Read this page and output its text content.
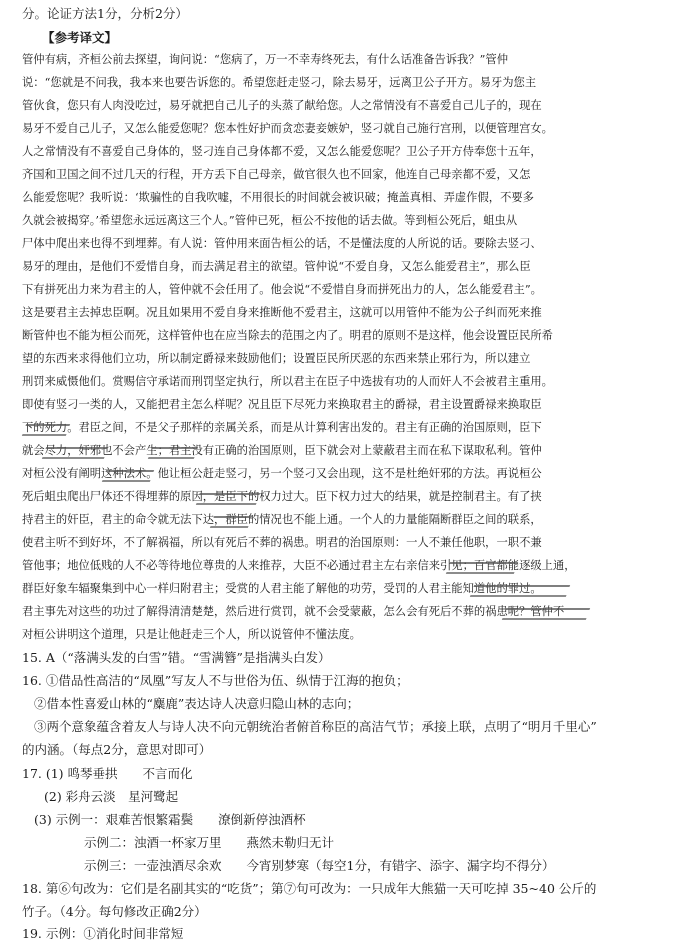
分。论证方法1分，分析2分）
【参考译文】
管仲有病，齐桓公前去探望，询问说：“您病了，万一不幸寿终死去，有什么话准备告诉我？”管仲
说：“您就是不问我，我本来也要告诉您的。希望您赶走竖刁，除去易牙，远离卫公子开方。易牙为您主
管伙食，您只有人肉没吃过，易牙就把自己儿子的头蒸了献给您。人之常情没有不喜爱自己儿子的，现在
易牙不爱自己儿子，又怎么能爱您呢？您本性好护而贪恋妻妾嫉妒，竖刁就自己施行宫刑，以便管理宫女。
人之常情没有不喜爱自己身体的，竖刁连自己身体都不爱，又怎么能爱您呢？卫公子开方侍奉您十五年，
齐国和卫国之间不过几天的行程，开方丢下自己母亲，做官很久也不回家，他连自己母亲都不爱，又怎
么能爱您呢？我听说：‘欺骗性的自我吹嘘，不用很长的时间就会被识破；掩盖真相、弄虚作假，不要多
久就会被揭穿。’希望您永远远离这三个人。”管仲已死，桓公不按他的话去做。等到桓公死后，蛆虫从
尸体中爬出来也得不到埋葬。有人说：管仲用来面告桓公的话，不是懂法度的人所说的话。要除去竖刁、
易牙的理由，是他们不爱惜自身，而去满足君主的欲望。管仲说“不爱自身，又怎么能爱君主”，那么臣
下有拼死出力来为君主的人，管仲就不会任用了。他会说“不爱惜自身而拼死出力的人，怎么能爱君主”。
这是要君主去掉忠臣啊。况且如果用不爱自身来推断他不爱君主，这就可以用管仲不能为公子纠而死来推
断管仲也不能为桓公而死，这样管仲也在应当除去的范围之内了。明君的原则不是这样，他会设置臣民所希
望的东西来求得他们立功，所以制定爵禄来鼓励他们；设置臣民所厌恶的东西来禁止邪行为，所以建立
刑罚来威慑他们。赏赐信守承诺而刑罚坚定执行，所以君主在臣子中选拔有功的人而奸人不会被君主重用。
即使有竖刁一类的人，又能把君主怎么样呢？况且臣下尽死力来换取君主的爵禄，君主设置爵禄来换取臣
下的死力。君臣之间，不是父子那样的亲属关系，而是从计算利害出发的。君主有正确的治国原则，臣下
就会尽力，奸邪也不会产生；君主没有正确的治国原则，臣下就会对上蒙蔽君主而在私下谋取私利。管仲
对桓公没有阐明这种法术。他让桓公赶走竖刁，另一个竖刁又会出现，这不是杜绝奸邪的方法。再说桓公
死后蛆虫爬出尸体还不得埋葬的原因，是臣下的权力过大。臣下权力过大的结果，就是控制君主。有了挟
持君主的奸臣，君主的命令就无法下达，群臣的情况也不能上通。一个人的力量能隔断群臣之间的联系，
使君主听不到好坏，不了解祸福，所以有死后不葬的祸患。明君的治国原则：一人不兼任他职，一职不兼
管他事；地位低贱的人不必等待地位尊贵的人来推荐，大臣不必通过君主左右亲信来引见；百官都能逐级上通，
群臣好象车辐聚集到中心一样归附君主；受赏的人君主能了解他的功劳，受罚的人君主能知道他的罪过。
君主事先对这些的功过了解得清清楚楚，然后进行赏罚，就不会受蒙蔽，怎么会有死后不葬的祸患呢？管仲不
对桓公讲明这个道理，只是让他赶走三个人，所以说管仲不懂法度。
15. A（“落满头发的白雪”错。“雪满簪”是指满头白发）
16. ①借品性高洁的“凤凰”写友人不与世俗为伍、纵情于江海的抱负；
②借本性喜爱山林的“麋鹿”表达诗人决意归隐山林的志向；
③两个意象蕴含着友人与诗人决不向元朝统治者俯首称臣的高洁气节；承接上联，点明了“明月千里心”
的内涵。（每点2分，意思对即可）
17. (1) 鸣琴垂拱　　不言而化
(2) 彩舟云淡　星河鹭起
(3) 示例一：艰难苦恨繁霜鬓　　潦倒新停浊酒杯
示例二：浊酒一杯家万里　　燕然未勒归无计
示例三：一壶浊酒尽余欢　　今宵别梦寒（每空1分，有错字、添字、漏字均不得分）
18. 第⑥句改为：它们是名副其实的“吃货”；第⑦句可改为：一只成年大熊猫一天可吃掉 35~40 公斤的
竹子。（4分。每句修改正确2分）
19. 示例：①消化时间非常短
